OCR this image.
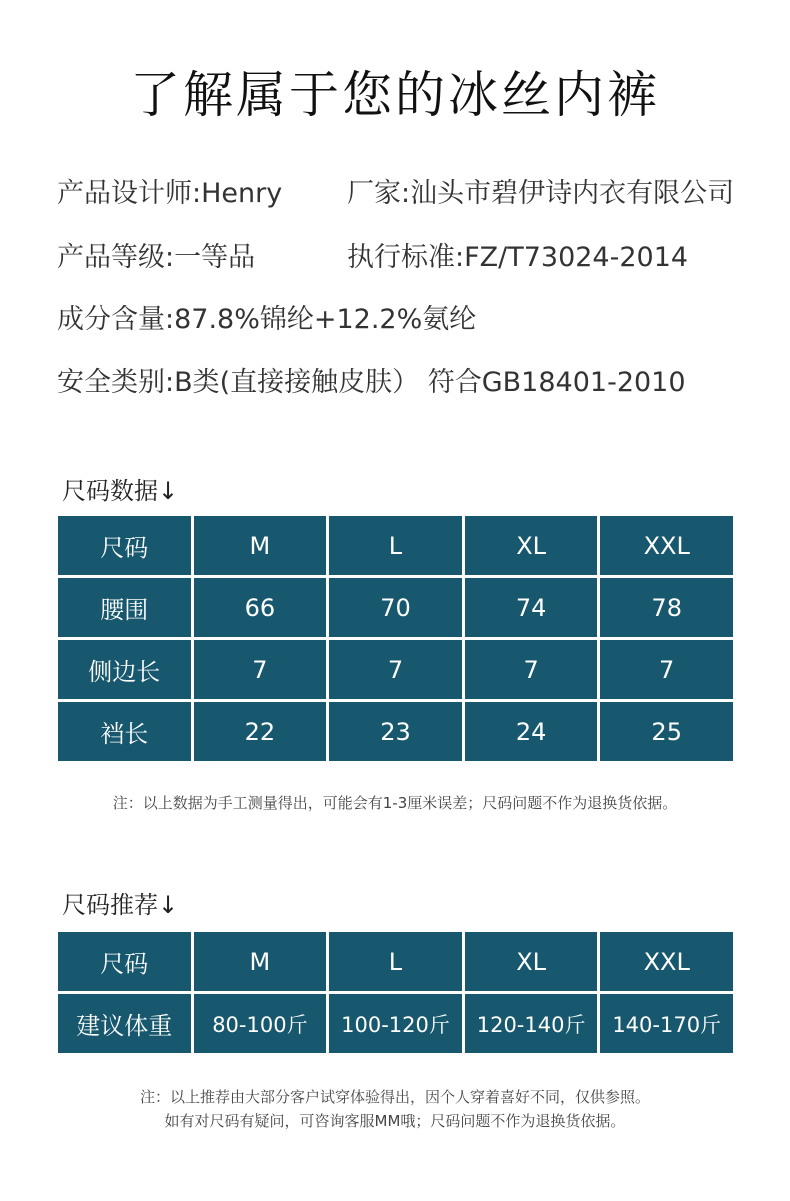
了解属于您的冰丝内裤
产品设计师:Henry 厂家:汕头市碧伊诗内衣有限公司
产品等级:一等品	执行标准:FZ/T73024-2014
成分含量:87.8%锦纶+12.2%氨纶
安全类别:B类(直接接触皮肤） 符合GB18401-2010
尺码数据↓
尺码	M	L	XL	XXL
腰围	66	70	74	78
侧边长	7	7	7	7
裆长	22	23	24	25
注：以上数据为手工测量得出，可能会有1-3厘米误差；尺码问题不作为退换货依据。
尺码推荐↓
尺码	M	L	XL	XXL
建议体重	80-100斤	100-120斤	120-140斤	140-170斤
注：以上推荐由大部分客户试穿体验得出，因个人穿着喜好不同，仅供参照。
如有对尺码有疑问，可咨询客服MM哦；尺码问题不作为退换货依据。
